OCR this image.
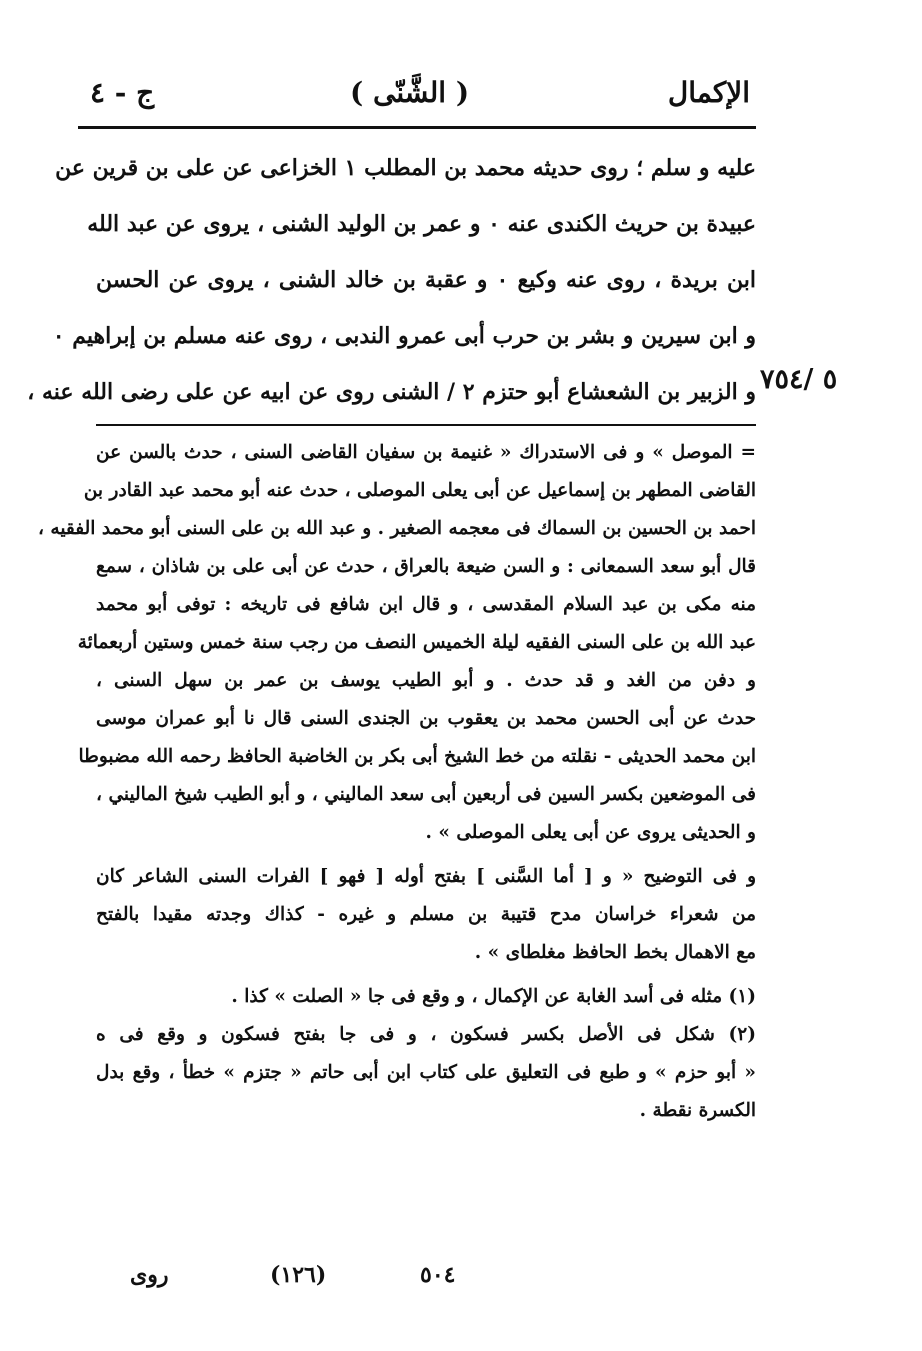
ج - ٤	( الشَّنّى )	الإكمال
عليه و سلم ؛ روى حديثه محمد بن المطلب ١ الخزاعى عن على بن قرين عن
عبيدة بن حريث الكندى عنه ۰ و عمر بن الوليد الشنى ، يروى عن عبد الله
ابن بريدة ، روى عنه وكيع ۰ و عقبة بن خالد الشنى ، يروى عن الحسن
و ابن سيرين و بشر بن حرب أبى عمرو الندبى ، روى عنه مسلم بن إبراهيم ۰
و الزبير بن الشعشاع أبو حتزم ٢ / الشنى روى عن ابيه عن على رضى الله عنه ، ٥ /٧٥٤
= الموصل » و فى الاستدراك « غنيمة بن سفيان القاضى السنى ، حدث بالسن عن
القاضى المطهر بن إسماعيل عن أبى يعلى الموصلى ، حدث عنه أبو محمد عبد القادر بن
احمد بن الحسين بن السماك فى معجمه الصغير . و عبد الله بن على السنى أبو محمد الفقيه ،
قال أبو سعد السمعانى : و السن ضيعة بالعراق ، حدث عن أبى على بن شاذان ، سمع
منه مكى بن عبد السلام المقدسى ، و قال ابن شافع فى تاريخه : توفى أبو محمد
عبد الله بن على السنى الفقيه ليلة الخميس النصف من رجب سنة خمس وستين أربعمائة
و دفن من الغد و قد حدث . و أبو الطيب يوسف بن عمر بن سهل السنى ،
حدث عن أبى الحسن محمد بن يعقوب بن الجندى السنى قال نا أبو عمران موسى
ابن محمد الحديثى - نقلته من خط الشيخ أبى بكر بن الخاضبة الحافظ رحمه الله مضبوطا
فى الموضعين بكسر السين فى أربعين أبى سعد الماليني ، و أبو الطيب شيخ الماليني ،
و الحديثى يروى عن أبى يعلى الموصلى » .
و فى التوضيح « و [ أما السَّنى ] بفتح أوله [ فهو ] الفرات السنى الشاعر كان
من شعراء خراسان مدح قتيبة بن مسلم و غيره - كذاك وجدته مقيدا بالفتح
مع الاهمال بخط الحافظ مغلطاى » .
(١) مثله فى أسد الغابة عن الإكمال ، و وقع فى جا « الصلت » كذا .
(٢) شكل فى الأصل بكسر فسكون ، و فى جا بفتح فسكون و وقع فى ه
« أبو حزم » و طبع فى التعليق على كتاب ابن أبى حاتم « جتزم » خطأ ، وقع بدل
الكسرة نقطة .
روى	(١٢٦)	٥٠٤
